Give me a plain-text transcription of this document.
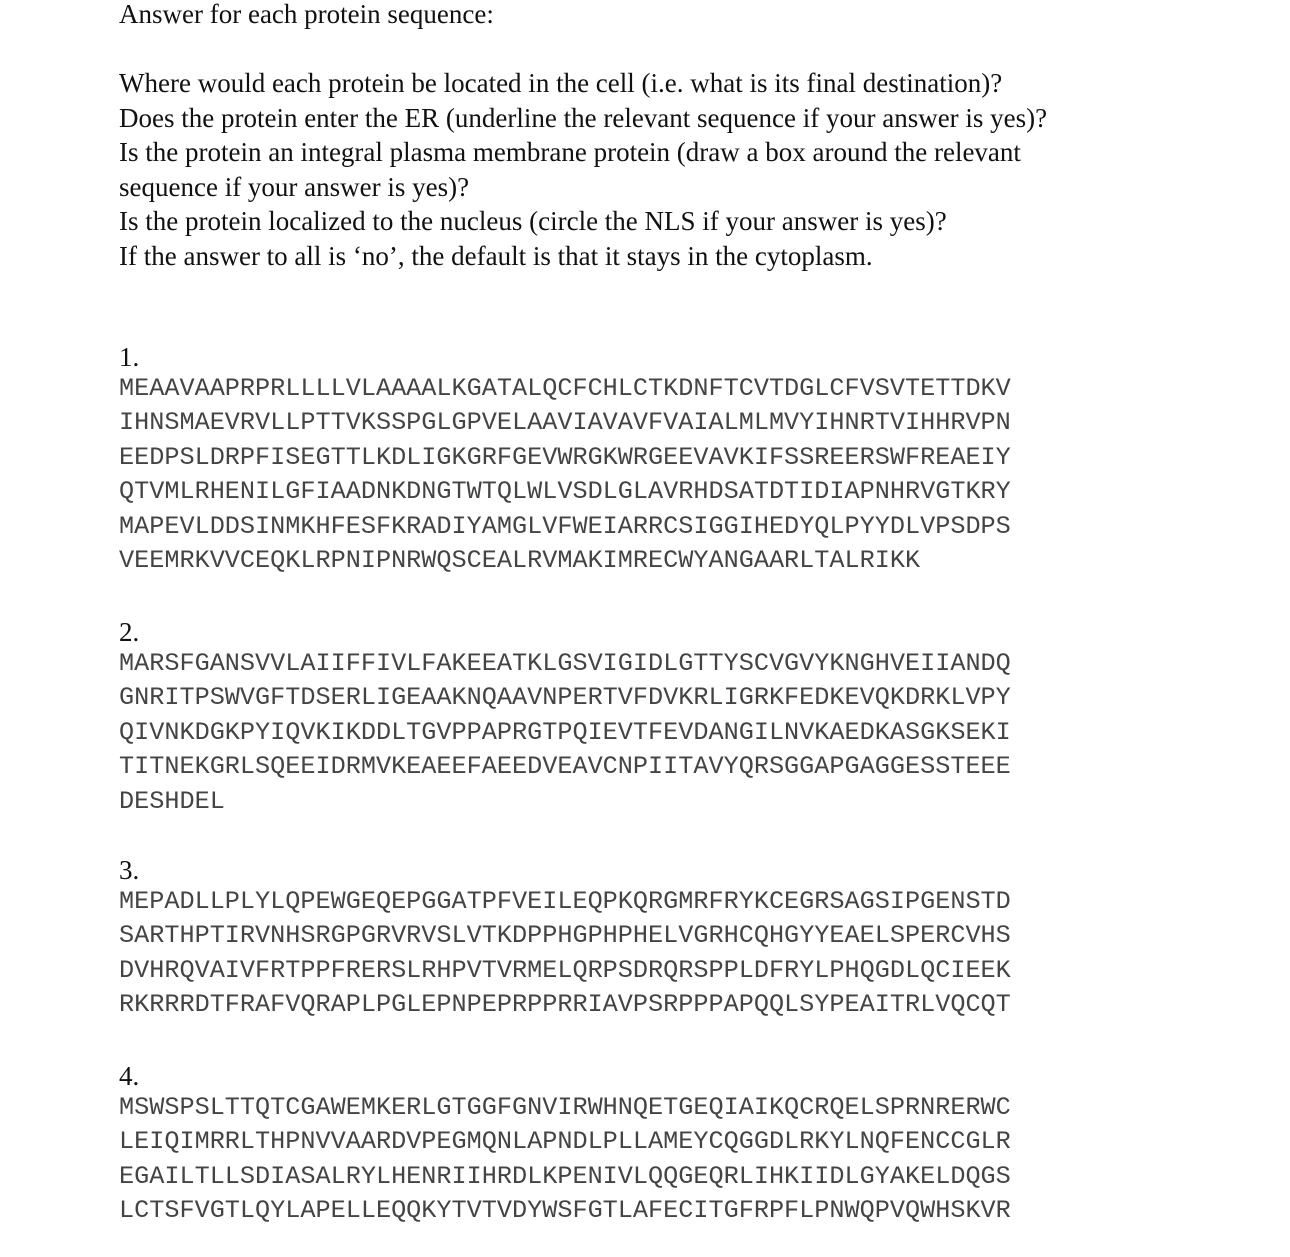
Answer for each protein sequence:
Where would each protein be located in the cell (i.e. what is its final destination)?
Does the protein enter the ER (underline the relevant sequence if your answer is yes)?
Is the protein an integral plasma membrane protein (draw a box around the relevant
sequence if your answer is yes)?
Is the protein localized to the nucleus (circle the NLS if your answer is yes)?
If the answer to all is ‘no’, the default is that it stays in the cytoplasm.
1.
MEAAVAAPRPRLLLLVLAAAALKGATALQCFCHLCTKDNFTCVTDGLCFVSVTETTDKV
IHNSMAEVRVLLPTTVKSSPGLGPVELAAVIAVAVFVAIALMLMVYIHNRTVIHHRVPN
EEDPSLDRPFISEGTTLKDLIGKGRFGEVWRGKWRGEEVAVKIFSSREERSWFREAEIY
QTVMLRHENILGFIAADNKDNGTWTQLWLVSDLGLAVRHDSATDTIDIAPNHRVGTKRY
MAPEVLDDSINMKHFESFKRADIYAMGLVFWEIARRCSIGGIHEDYQLPYYDLVPSDPS
VEEMRKVVCEQKLRPNIPNRWQSCEALRVMAKIMRECWYANGAARLTALRIKK
2.
MARSFGANSVVLAIIFFIVLFAKEEATKLGSVIGIDLGTTYSCVGVYKNGHVEIIANDQ
GNRITPSWVGFTDSERLIGEAAKNQAAVNPERTVFDVKRLIGRKFEDKEVQKDRKLVPY
QIVNKDGKPYIQVKIKDDLTGVPPAPRGTPQIEVTFEVDANGILNVKAEDKASGKSEKI
TITNEKGRLSQEEIDRMVKEAEEFAEEDVEAVCNPIITAVYQRSGGAPGAGGESSTEEE
DESHDEL
3.
MEPADLLPLYLQPEWGEQEPGGATPFVEILEQPKQRGMRFRYKCEGRSAGSIPGENSTD
SARTHPTIRVNHSRGPGRVRVSLVTKDPPHGPHPHELVGRHCQHGYYEAELSPERCVHS
DVHRQVAIVFRTPPFRERSLRHPVTVRMELQRPSDRQRSPPLDFRYLPHQGDLQCIEEK
RKRRRDTFRAFVQRAPLPGLEPNPEPRPPRRIAVPSRPPPAPQQLSYPEAITRLVQCQT
4.
MSWSPSLTTQTCGAWEMKERLGTGGFGNVIRWHNQETGEQIAIKQCRQELSPRNRERWC
LEIQIMRRLTHPNVVAARDVPEGMQNLAPNDLPLLAMEYCQGGDLRKYLNQFENCCGLR
EGAILTLLSDIASALRYLHENRIIHRDLKPENIVLQQGEQRLIHKIIDLGYAKELDQGS
LCTSFVGTLQYLAPELLEQQKYTVTVDYWSFGTLAFECITGFRPFLPNWQPVQWHSKVR
